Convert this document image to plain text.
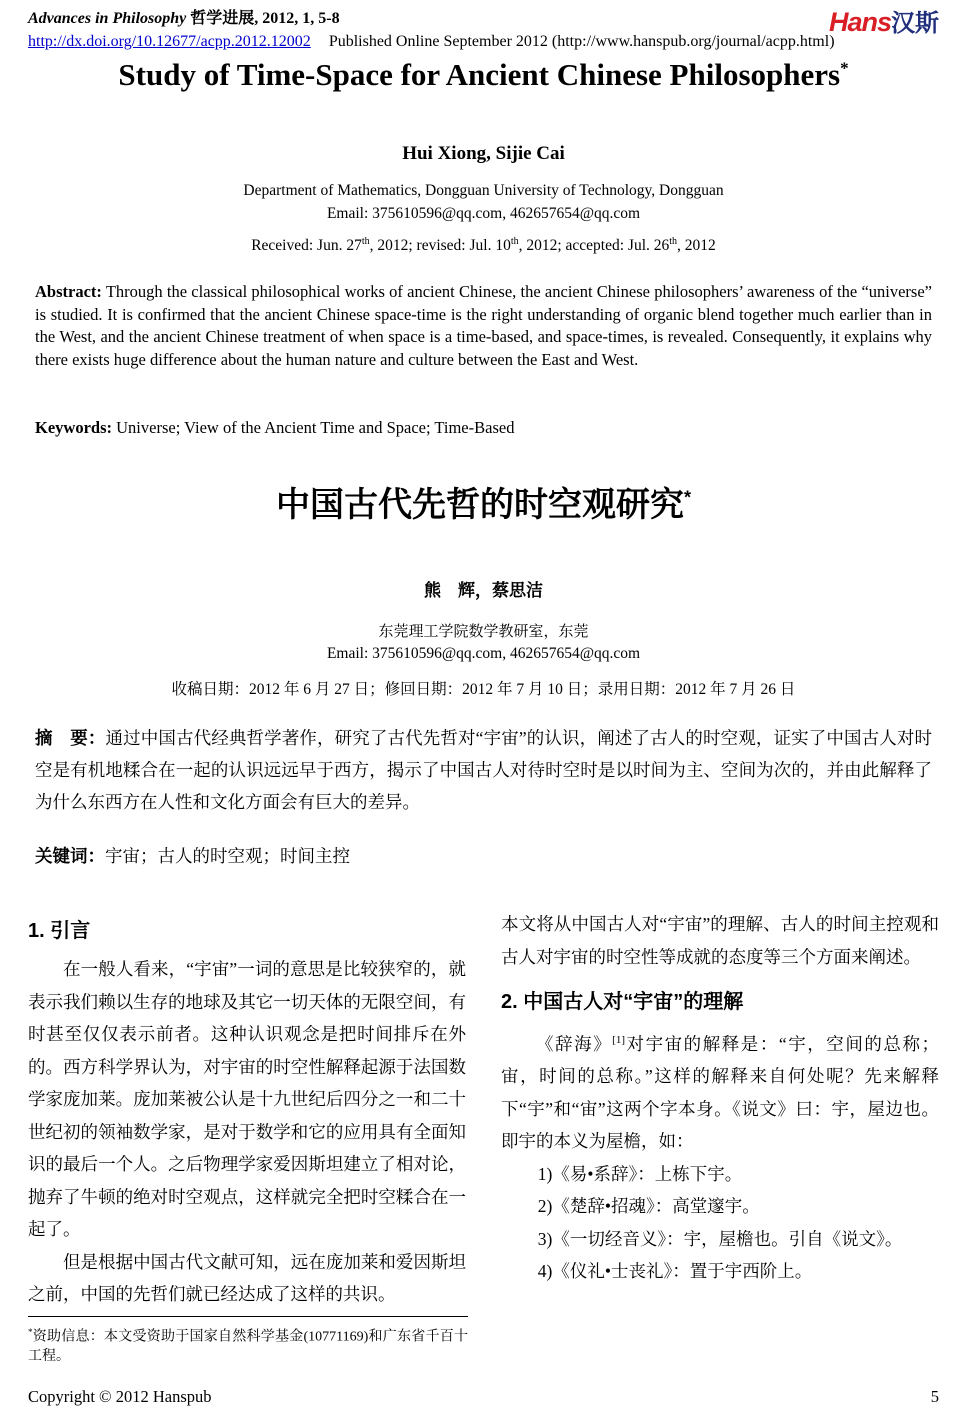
Advances in Philosophy 哲学进展, 2012, 1, 5-8
http://dx.doi.org/10.12677/acpp.2012.12002 Published Online September 2012 (http://www.hanspub.org/journal/acpp.html)
Hans汉斯
Study of Time-Space for Ancient Chinese Philosophers*
Hui Xiong, Sijie Cai
Department of Mathematics, Dongguan University of Technology, Dongguan
Email: 375610596@qq.com, 462657654@qq.com
Received: Jun. 27th, 2012; revised: Jul. 10th, 2012; accepted: Jul. 26th, 2012

Abstract: Through the classical philosophical works of ancient Chinese, the ancient Chinese philosophers’ awareness of the “universe” is studied. It is confirmed that the ancient Chinese space-time is the right understanding of organic blend together much earlier than in the West, and the ancient Chinese treatment of when space is a time-based, and space-times, is revealed. Consequently, it explains why there exists huge difference about the human nature and culture between the East and West.

Keywords: Universe; View of the Ancient Time and Space; Time-Based

中国古代先哲的时空观研究*
熊　辉，蔡思洁
东莞理工学院数学教研室，东莞
Email: 375610596@qq.com, 462657654@qq.com
收稿日期：2012 年 6 月 27 日；修回日期：2012 年 7 月 10 日；录用日期：2012 年 7 月 26 日

摘　要：通过中国古代经典哲学著作，研究了古代先哲对“宇宙”的认识，阐述了古人的时空观，证实了中国古人对时空是有机地糅合在一起的认识远远早于西方，揭示了中国古人对待时空时是以时间为主、空间为次的，并由此解释了为什么东西方在人性和文化方面会有巨大的差异。

关键词：宇宙；古人的时空观；时间主控

1. 引言

在一般人看来，“宇宙”一词的意思是比较狭窄的，就表示我们赖以生存的地球及其它一切天体的无限空间，有时甚至仅仅表示前者。这种认识观念是把时间排斥在外的。西方科学界认为，对宇宙的时空性解释起源于法国数学家庞加莱。庞加莱被公认是十九世纪后四分之一和二十世纪初的领袖数学家，是对于数学和它的应用具有全面知识的最后一个人。之后物理学家爱因斯坦建立了相对论，抛弃了牛顿的绝对时空观点，这样就完全把时空糅合在一起了。

但是根据中国古代文献可知，远在庞加莱和爱因斯坦之前，中国的先哲们就已经达成了这样的共识。

本文将从中国古人对“宇宙”的理解、古人的时间主控观和古人对宇宙的时空性等成就的态度等三个方面来阐述。

2. 中国古人对“宇宙”的理解

《辞海》[1]对宇宙的解释是：“宇，空间的总称；宙，时间的总称。”这样的解释来自何处呢？先来解释下“宇”和“宙”这两个字本身。《说文》曰：宇，屋边也。即宇的本义为屋檐，如：

1)《易•系辞》：上栋下宇。
2)《楚辞•招魂》：高堂邃宇。
3)《一切经音义》：宇，屋檐也。引自《说文》。
4)《仪礼•士丧礼》：置于宇西阶上。
*资助信息：本文受资助于国家自然科学基金(10771169)和广东省千百十工程。
Copyright © 2012 Hanspub	5
